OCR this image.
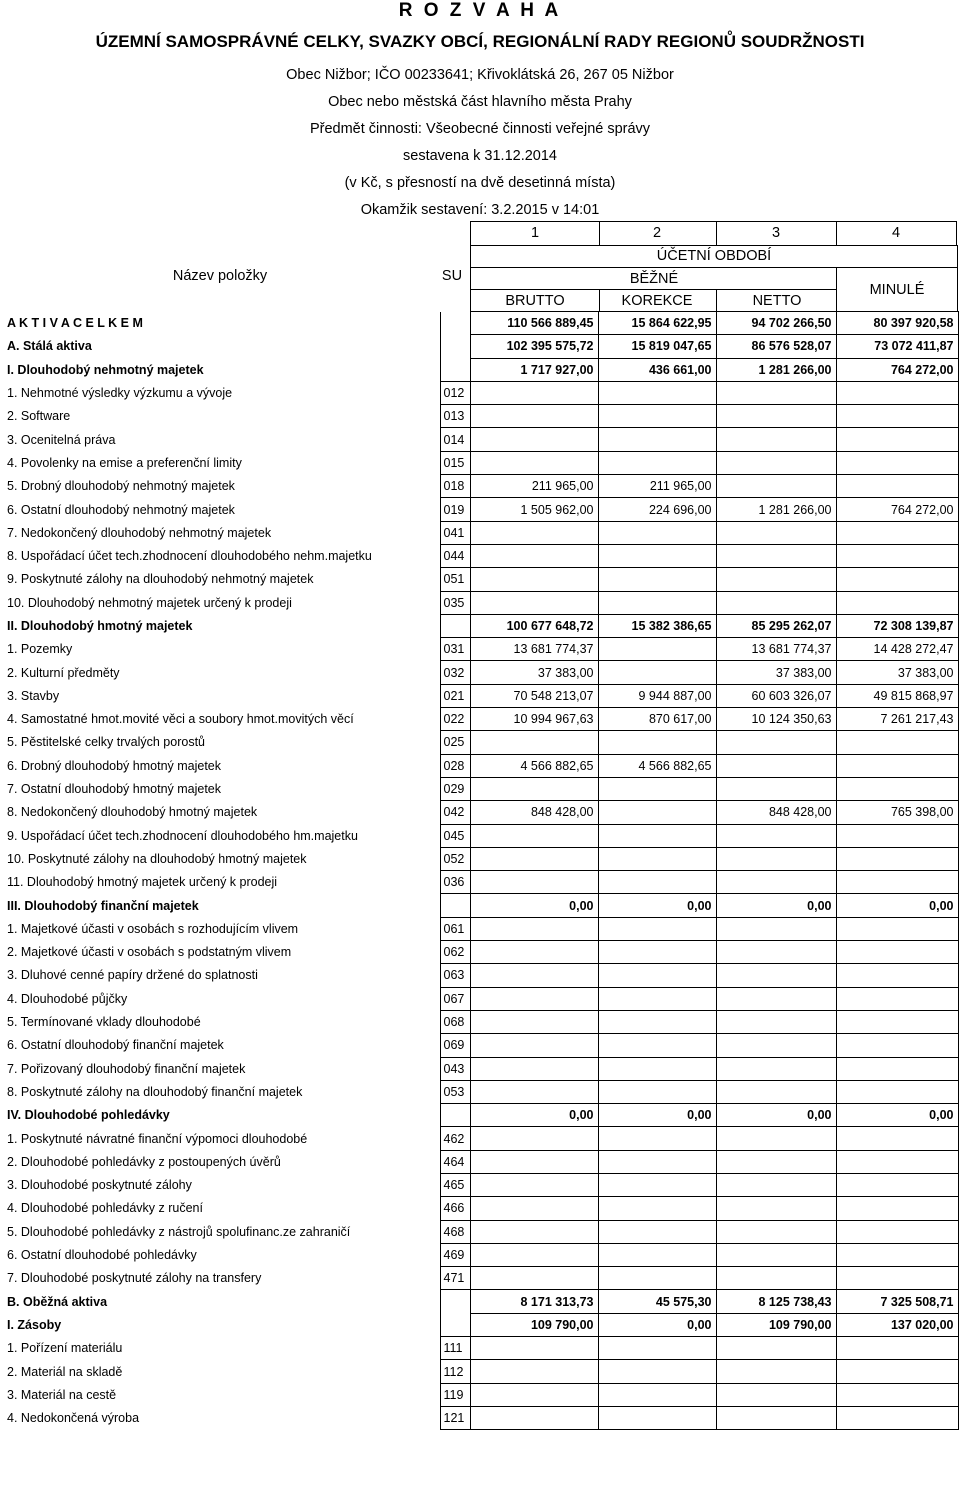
R O Z V A H A
ÚZEMNÍ SAMOSPRÁVNÉ CELKY, SVAZKY OBCÍ, REGIONÁLNÍ RADY REGIONŮ SOUDRŽNOSTI
Obec Nižbor; IČO 00233641; Křivoklátská 26, 267 05 Nižbor
Obec nebo městská část hlavního města Prahy
Předmět činnosti: Všeobecné činnosti veřejné správy
sestavena k 31.12.2014
(v Kč, s přesností na dvě desetinná místa)
Okamžik sestavení: 3.2.2015 v 14:01
1	2	3	4
ÚČETNÍ OBDOBÍ
BĚŽNÉ
MINULÉ
BRUTTO	KOREKCE	NETTO
Název položky	SU
A K T I V A C E L K E M		110 566 889,45	15 864 622,95	94 702 266,50	80 397 920,58
A. Stálá aktiva		102 395 575,72	15 819 047,65	86 576 528,07	73 072 411,87
I. Dlouhodobý nehmotný majetek		1 717 927,00	436 661,00	1 281 266,00	764 272,00
1. Nehmotné výsledky výzkumu a vývoje	012				
2. Software	013				
3. Ocenitelná práva	014				
4. Povolenky na emise a preferenční limity	015				
5. Drobný dlouhodobý nehmotný majetek	018	211 965,00	211 965,00		
6. Ostatní dlouhodobý nehmotný majetek	019	1 505 962,00	224 696,00	1 281 266,00	764 272,00
7. Nedokončený dlouhodobý nehmotný majetek	041				
8. Uspořádací účet tech.zhodnocení dlouhodobého nehm.majetku	044				
9. Poskytnuté zálohy na dlouhodobý nehmotný majetek	051				
10. Dlouhodobý nehmotný majetek určený k prodeji	035				
II. Dlouhodobý hmotný majetek		100 677 648,72	15 382 386,65	85 295 262,07	72 308 139,87
1. Pozemky	031	13 681 774,37		13 681 774,37	14 428 272,47
2. Kulturní předměty	032	37 383,00		37 383,00	37 383,00
3. Stavby	021	70 548 213,07	9 944 887,00	60 603 326,07	49 815 868,97
4. Samostatné hmot.movité věci a soubory hmot.movitých věcí	022	10 994 967,63	870 617,00	10 124 350,63	7 261 217,43
5. Pěstitelské celky trvalých porostů	025				
6. Drobný dlouhodobý hmotný majetek	028	4 566 882,65	4 566 882,65		
7. Ostatní dlouhodobý hmotný majetek	029				
8. Nedokončený dlouhodobý hmotný majetek	042	848 428,00		848 428,00	765 398,00
9. Uspořádací účet tech.zhodnocení dlouhodobého hm.majetku	045				
10. Poskytnuté zálohy na dlouhodobý hmotný majetek	052				
11. Dlouhodobý hmotný majetek určený k prodeji	036				
III. Dlouhodobý finanční majetek		0,00	0,00	0,00	0,00
1. Majetkové účasti v osobách s rozhodujícím vlivem	061				
2. Majetkové účasti v osobách s podstatným vlivem	062				
3. Dluhové cenné papíry držené do splatnosti	063				
4. Dlouhodobé půjčky	067				
5. Termínované vklady dlouhodobé	068				
6. Ostatní dlouhodobý finanční majetek	069				
7. Pořizovaný dlouhodobý finanční majetek	043				
8. Poskytnuté zálohy na dlouhodobý finanční majetek	053				
IV. Dlouhodobé pohledávky		0,00	0,00	0,00	0,00
1. Poskytnuté návratné finanční výpomoci dlouhodobé	462				
2. Dlouhodobé pohledávky z postoupených úvěrů	464				
3. Dlouhodobé poskytnuté zálohy	465				
4. Dlouhodobé pohledávky z ručení	466				
5. Dlouhodobé pohledávky z nástrojů spolufinanc.ze zahraničí	468				
6. Ostatní dlouhodobé pohledávky	469				
7. Dlouhodobé poskytnuté zálohy na transfery	471				
B. Oběžná aktiva		8 171 313,73	45 575,30	8 125 738,43	7 325 508,71
I. Zásoby		109 790,00	0,00	109 790,00	137 020,00
1. Pořízení materiálu	111				
2. Materiál na skladě	112				
3. Materiál na cestě	119				
4. Nedokončená výroba	121				
